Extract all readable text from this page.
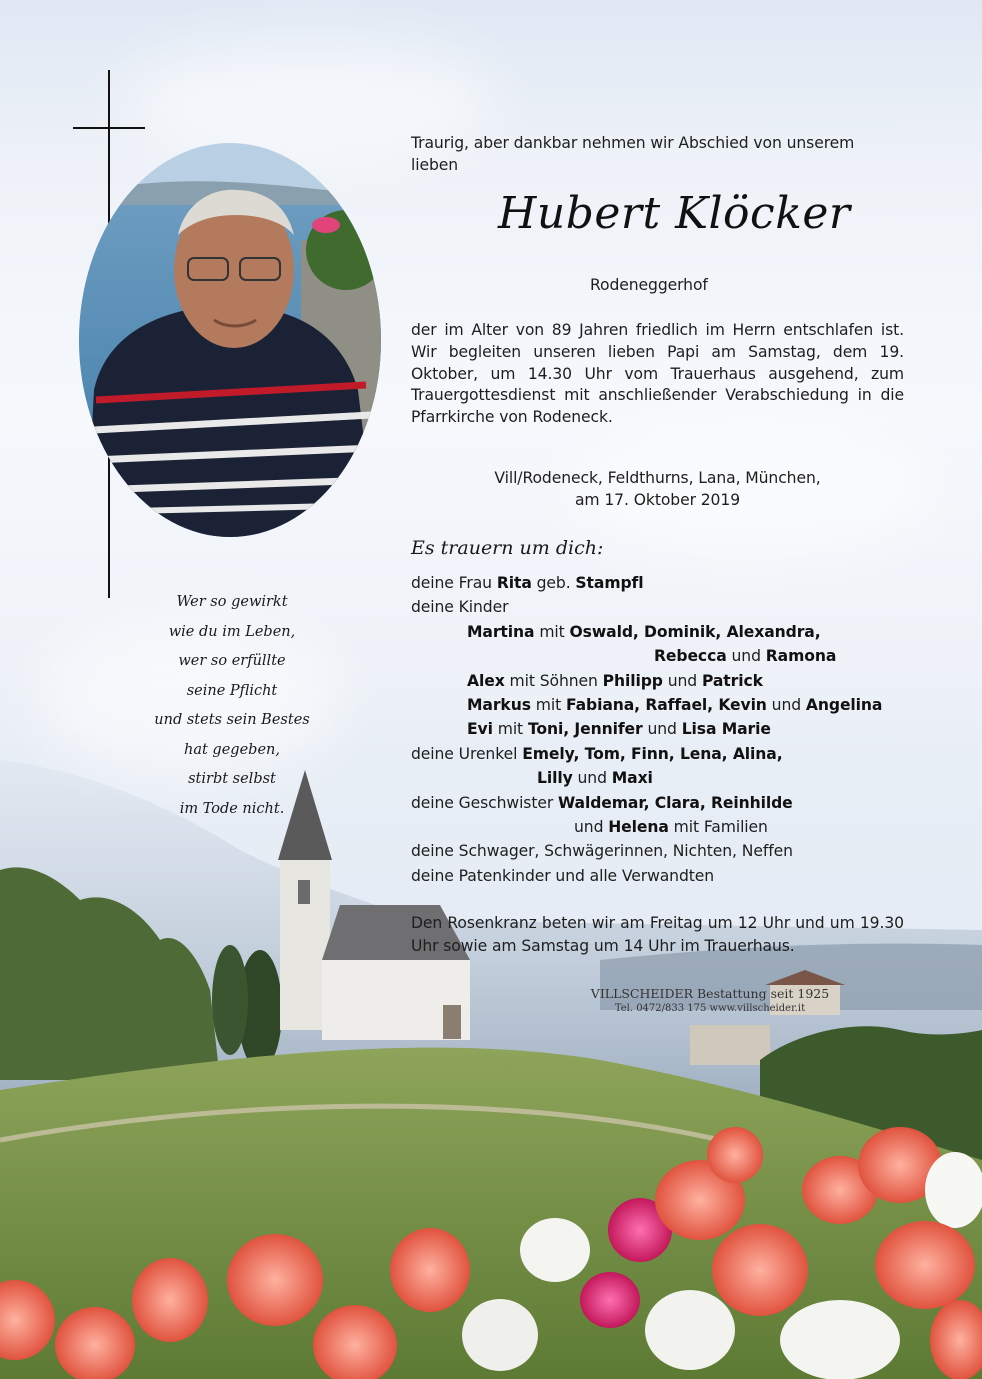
Wer so gewirkt
wie du im Leben,
wer so erfüllte
seine Pflicht
und stets sein Bestes
hat gegeben,
stirbt selbst
im Tode nicht.
Traurig, aber dankbar nehmen wir Abschied von unserem lieben
Hubert Klöcker
Rodeneggerhof
der im Alter von 89 Jahren friedlich im Herrn entschlafen ist. Wir begleiten unseren lieben Papi am Samstag, dem 19. Oktober, um 14.30 Uhr vom Trauerhaus ausgehend, zum Trauergottesdienst mit anschließender Verabschiedung in die Pfarrkirche von Rodeneck.
Vill/Rodeneck, Feldthurns, Lana, München,
am 17. Oktober 2019
Es trauern um dich:
deine Frau Rita geb. Stampfl
deine Kinder
Martina mit Oswald, Dominik, Alexandra,
Rebecca und Ramona
Alex mit Söhnen Philipp und Patrick
Markus mit Fabiana, Raffael, Kevin und Angelina
Evi mit Toni, Jennifer und Lisa Marie
deine Urenkel Emely, Tom, Finn, Lena, Alina,
Lilly und Maxi
deine Geschwister Waldemar, Clara, Reinhilde
und Helena mit Familien
deine Schwager, Schwägerinnen, Nichten, Neffen
deine Patenkinder und alle Verwandten
Den Rosenkranz beten wir am Freitag um 12 Uhr und um 19.30 Uhr sowie am Samstag um 14 Uhr im Trauerhaus.
VILLSCHEIDER Bestattung seit 1925
Tel. 0472/833 175 www.villscheider.it
